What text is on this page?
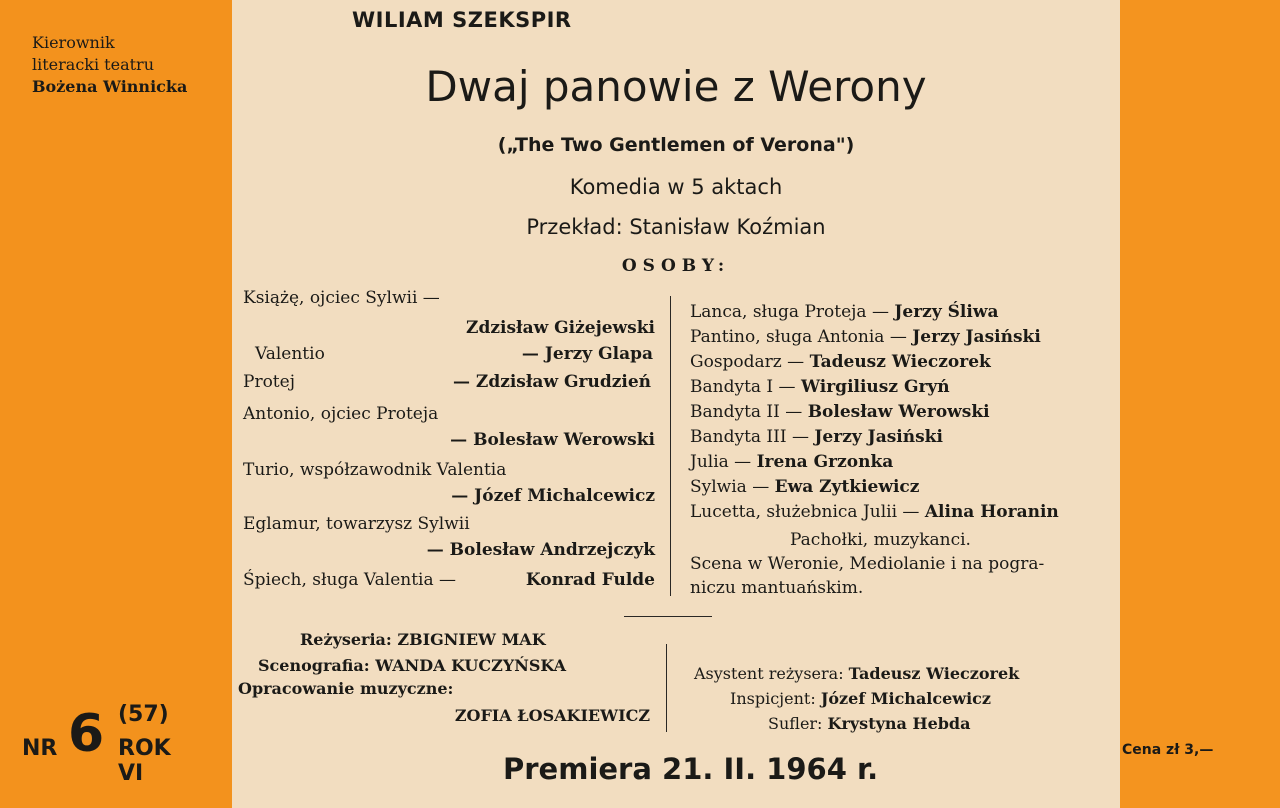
Kierownik
literacki teatru
Bożena Winnicka
NR 6 (57)
ROK VI
Cena zł 3,—
WILIAM SZEKSPIR
Dwaj panowie z Werony
(„The Two Gentlemen of Verona")
Komedia w 5 aktach
Przekład: Stanisław Koźmian
OSOBY:
Książę, ojciec Sylwii —
Zdzisław Giżejewski
Valentio	— Jerzy Glapa
Protej	— Zdzisław Grudzień
Antonio, ojciec Proteja
— Bolesław Werowski
Turio, współzawodnik Valentia
— Józef Michalcewicz
Eglamur, towarzysz Sylwii
— Bolesław Andrzejczyk
Śpiech, sługa Valentia —	Konrad Fulde
Lanca, sługa Proteja — Jerzy Śliwa
Pantino, sługa Antonia — Jerzy Jasiński
Gospodarz — Tadeusz Wieczorek
Bandyta I — Wirgiliusz Gryń
Bandyta II — Bolesław Werowski
Bandyta III — Jerzy Jasiński
Julia — Irena Grzonka
Sylwia — Ewa Zytkiewicz
Lucetta, służebnica Julii — Alina Horanin
Pachołki, muzykanci.
Scena w Weronie, Mediolanie i na pogra-
niczu mantuańskim.
Reżyseria: ZBIGNIEW MAK
Scenografia: WANDA KUCZYŃSKA
Opracowanie muzyczne:
ZOFIA ŁOSAKIEWICZ
Asystent reżysera: Tadeusz Wieczorek
Inspicjent: Józef Michalcewicz
Sufler: Krystyna Hebda
Premiera 21. II. 1964 r.
